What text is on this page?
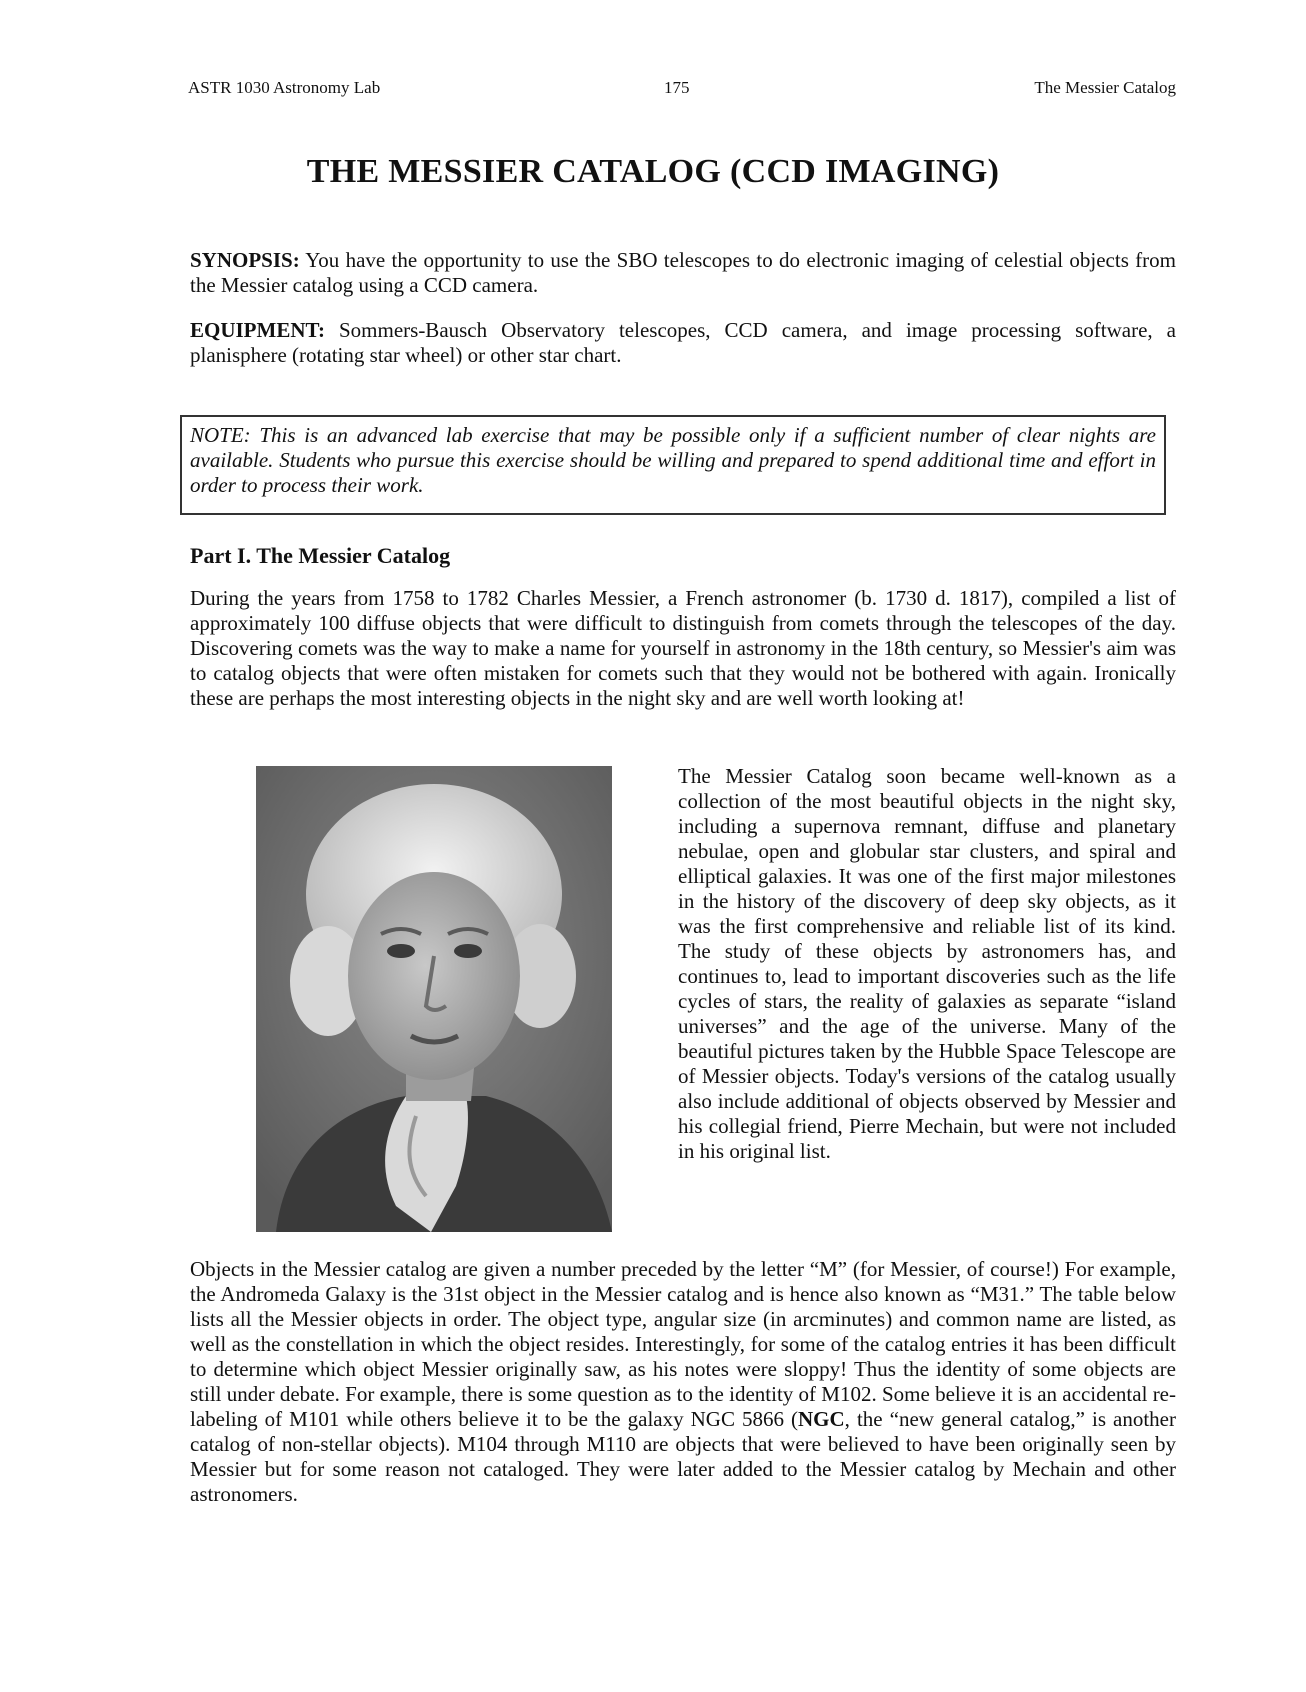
ASTR 1030 Astronomy Lab	175	The Messier Catalog
THE MESSIER CATALOG (CCD IMAGING)

SYNOPSIS: You have the opportunity to use the SBO telescopes to do electronic imaging of celestial objects from the Messier catalog using a CCD camera.

EQUIPMENT: Sommers-Bausch Observatory telescopes, CCD camera, and image processing software, a planisphere (rotating star wheel) or other star chart.

NOTE: This is an advanced lab exercise that may be possible only if a sufficient number of clear nights are available. Students who pursue this exercise should be willing and prepared to spend additional time and effort in order to process their work.
Part I. The Messier Catalog

During the years from 1758 to 1782 Charles Messier, a French astronomer (b. 1730 d. 1817), compiled a list of approximately 100 diffuse objects that were difficult to distinguish from comets through the telescopes of the day. Discovering comets was the way to make a name for yourself in astronomy in the 18th century, so Messier's aim was to catalog objects that were often mistaken for comets such that they would not be bothered with again. Ironically these are perhaps the most interesting objects in the night sky and are well worth looking at!

The Messier Catalog soon became well-known as a collection of the most beautiful objects in the night sky, including a supernova remnant, diffuse and planetary nebulae, open and globular star clusters, and spiral and elliptical galaxies. It was one of the first major milestones in the history of the discovery of deep sky objects, as it was the first comprehensive and reliable list of its kind. The study of these objects by astronomers has, and continues to, lead to important discoveries such as the life cycles of stars, the reality of galaxies as separate “island universes” and the age of the universe. Many of the beautiful pictures taken by the Hubble Space Telescope are of Messier objects. Today's versions of the catalog usually also include additional of objects observed by Messier and his collegial friend, Pierre Mechain, but were not included in his original list.

Objects in the Messier catalog are given a number preceded by the letter “M” (for Messier, of course!) For example, the Andromeda Galaxy is the 31st object in the Messier catalog and is hence also known as “M31.” The table below lists all the Messier objects in order. The object type, angular size (in arcminutes) and common name are listed, as well as the constellation in which the object resides. Interestingly, for some of the catalog entries it has been difficult to determine which object Messier originally saw, as his notes were sloppy! Thus the identity of some objects are still under debate. For example, there is some question as to the identity of M102. Some believe it is an accidental re-labeling of M101 while others believe it to be the galaxy NGC 5866 (NGC, the “new general catalog,” is another catalog of non-stellar objects). M104 through M110 are objects that were believed to have been originally seen by Messier but for some reason not cataloged. They were later added to the Messier catalog by Mechain and other astronomers.
